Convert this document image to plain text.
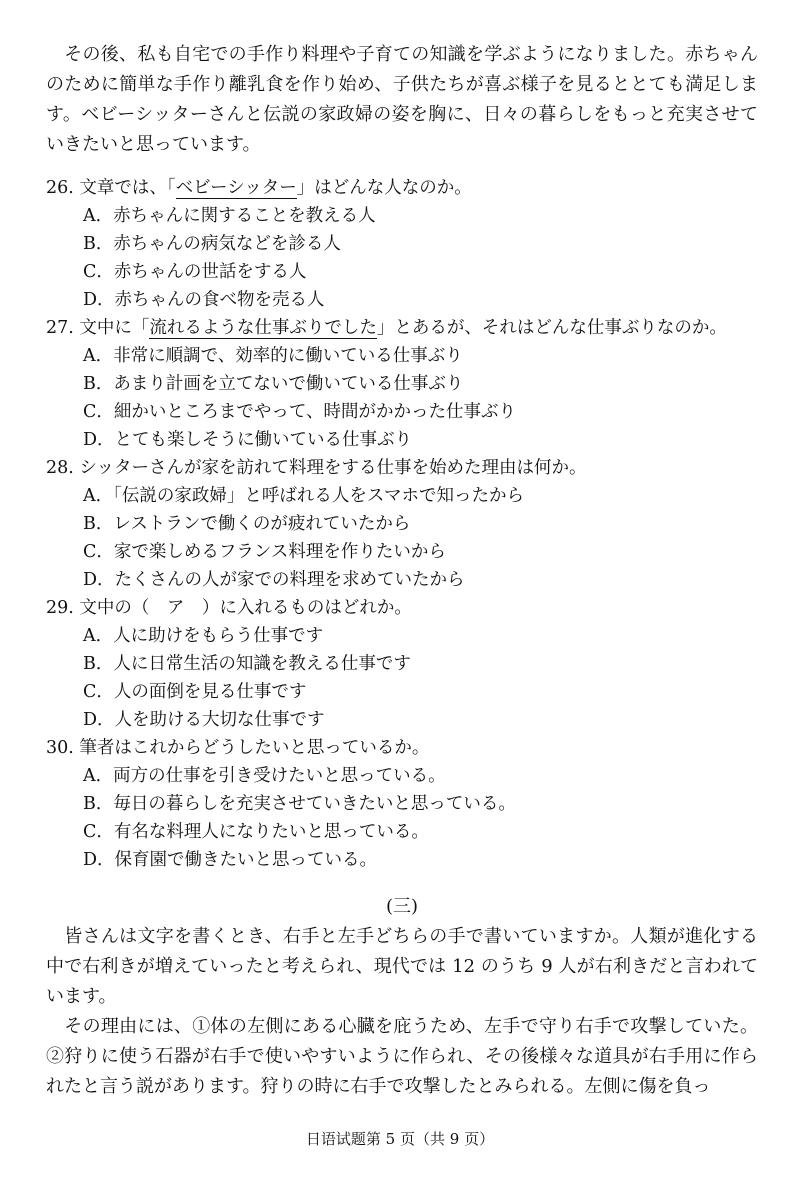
その後、私も自宅での手作り料理や子育ての知識を学ぶようになりました。赤ちゃんのために簡単な手作り離乳食を作り始め、子供たちが喜ぶ様子を見るととても満足します。ベビーシッターさんと伝説の家政婦の姿を胸に、日々の暮らしをもっと充実させていきたいと思っています。

26. 文章では、「ベビーシッター」はどんな人なのか。

A．赤ちゃんに関することを教える人

B．赤ちゃんの病気などを診る人

C．赤ちゃんの世話をする人

D．赤ちゃんの食べ物を売る人

27. 文中に「流れるような仕事ぶりでした」とあるが、それはどんな仕事ぶりなのか。

A．非常に順調で、効率的に働いている仕事ぶり

B．あまり計画を立てないで働いている仕事ぶり

C．細かいところまでやって、時間がかかった仕事ぶり

D．とても楽しそうに働いている仕事ぶり

28. シッターさんが家を訪れて料理をする仕事を始めた理由は何か。

A．「伝説の家政婦」と呼ばれる人をスマホで知ったから

B．レストランで働くのが疲れていたから

C．家で楽しめるフランス料理を作りたいから

D．たくさんの人が家での料理を求めていたから

29. 文中の（　ア　）に入れるものはどれか。

A．人に助けをもらう仕事です

B．人に日常生活の知識を教える仕事です

C．人の面倒を見る仕事です

D．人を助ける大切な仕事です

30. 筆者はこれからどうしたいと思っているか。

A．両方の仕事を引き受けたいと思っている。

B．毎日の暮らしを充実させていきたいと思っている。

C．有名な料理人になりたいと思っている。

D．保育園で働きたいと思っている。

(三)

皆さんは文字を書くとき、右手と左手どちらの手で書いていますか。人類が進化する中で右利きが増えていったと考えられ、現代では 12 のうち 9 人が右利きだと言われています。

その理由には、①体の左側にある心臓を庇うため、左手で守り右手で攻撃していた。②狩りに使う石器が右手で使いやすいように作られ、その後様々な道具が右手用に作られたと言う説があります。狩りの時に右手で攻撃したとみられる。左側に傷を負っ

日语试题第 5 页（共 9 页）
